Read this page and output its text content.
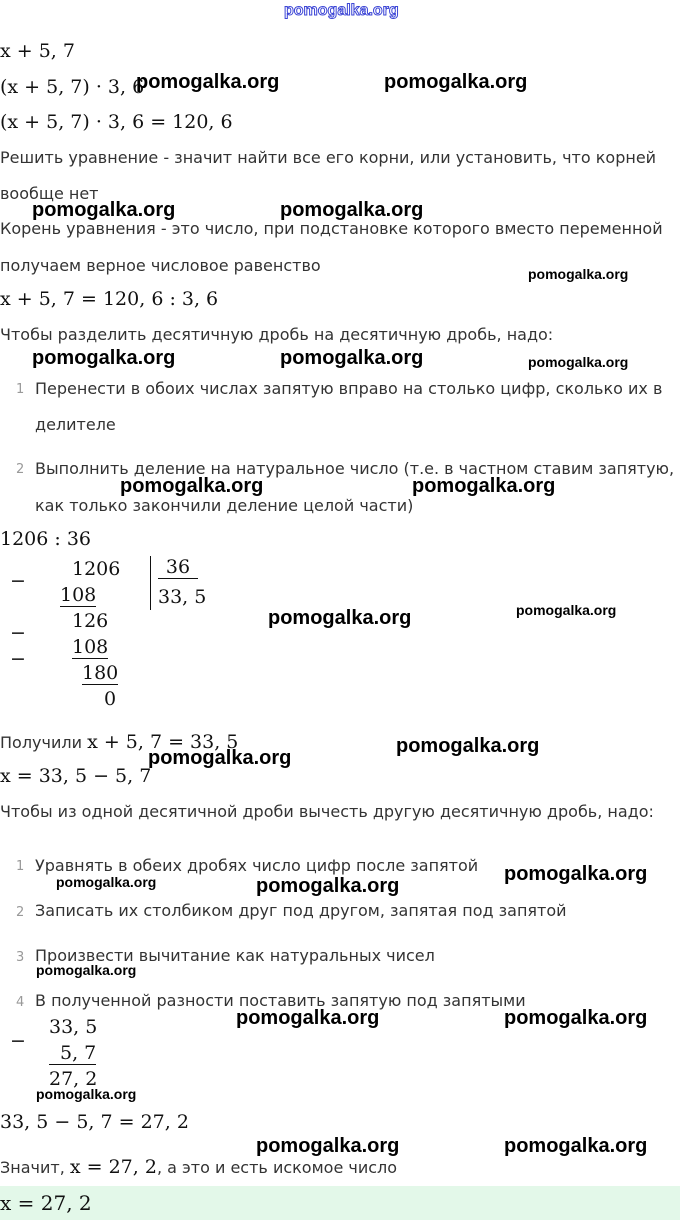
pomogalka.org
x + 5, 7
(x + 5, 7) · 3, 6
(x + 5, 7) · 3, 6 = 120, 6
Решить уравнение - значит найти все его корни, или установить, что корней
вообще нет
Корень уравнения - это число, при подстановке которого вместо переменной
получаем верное числовое равенство
x + 5, 7 = 120, 6 : 3, 6
Чтобы разделить десятичную дробь на десятичную дробь, надо:
1 Перенести в обоих числах запятую вправо на столько цифр, сколько их в
делителе
2 Выполнить деление на натуральное число (т.е. в частном ставим запятую,
как только закончили деление целой части)
1206 : 36
−
1206
108
36
33, 5
126
−
−
108
180
0
Получили x + 5, 7 = 33, 5
x = 33, 5 − 5, 7
Чтобы из одной десятичной дроби вычесть другую десятичную дробь, надо:
1 Уравнять в обеих дробях число цифр после запятой
2 Записать их столбиком друг под другом, запятая под запятой
3 Произвести вычитание как натуральных чисел
4 В полученной разности поставить запятую под запятыми
33, 5
−
5, 7
27, 2
33, 5 − 5, 7 = 27, 2
Значит, x = 27, 2, а это и есть искомое число
x = 27, 2
pomogalka.org	pomogalka.org
pomogalka.org	pomogalka.org
pomogalka.org	pomogalka.org
pomogalka.org	pomogalka.org
pomogalka.org
pomogalka.org
pomogalka.org
pomogalka.org
pomogalka.org
pomogalka.org	pomogalka.org
pomogalka.org	pomogalka.org
pomogalka.org
pomogalka.org
pomogalka.org
pomogalka.org
pomogalka.org
pomogalka.org
